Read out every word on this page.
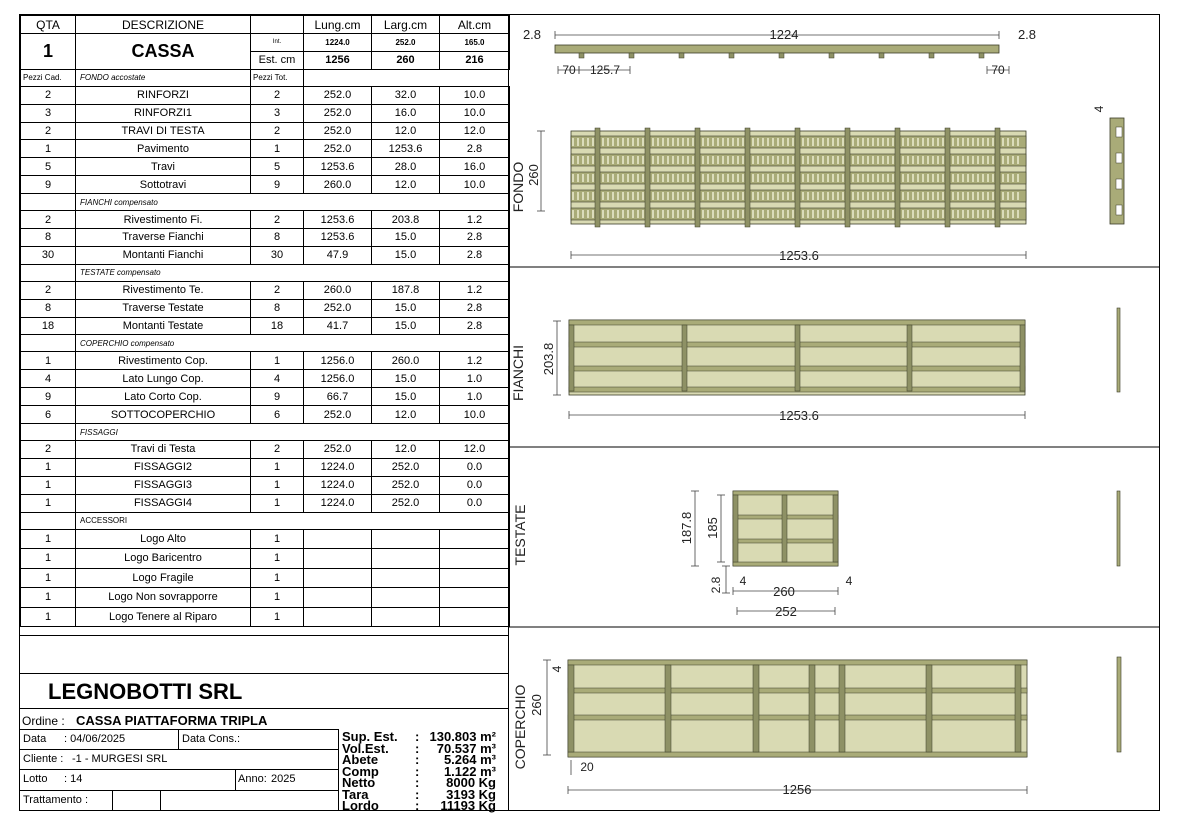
QTA	DESCRIZIONE		Lung.cm	Larg.cm	Alt.cm
1	CASSA	Int.	1224.0	252.0	165.0
		Est. cm	1256	260	216
Pezzi Cad.	FONDO accostate	Pezzi Tot.			
2	RINFORZI	2	252.0	32.0	10.0
3	RINFORZI1	3	252.0	16.0	10.0
2	TRAVI DI TESTA	2	252.0	12.0	12.0
1	Pavimento	1	252.0	1253.6	2.8
5	Travi	5	1253.6	28.0	16.0
9	Sottotravi	9	260.0	12.0	10.0
	FIANCHI compensato				
2	Rivestimento Fi.	2	1253.6	203.8	1.2
8	Traverse Fianchi	8	1253.6	15.0	2.8
30	Montanti Fianchi	30	47.9	15.0	2.8
	TESTATE compensato				
2	Rivestimento Te.	2	260.0	187.8	1.2
8	Traverse Testate	8	252.0	15.0	2.8
18	Montanti Testate	18	41.7	15.0	2.8
	COPERCHIO compensato				
1	Rivestimento Cop.	1	1256.0	260.0	1.2
4	Lato Lungo Cop.	4	1256.0	15.0	1.0
9	Lato Corto Cop.	9	66.7	15.0	1.0
6	SOTTOCOPERCHIO	6	252.0	12.0	10.0
	FISSAGGI				
2	Travi di Testa	2	252.0	12.0	12.0
1	FISSAGGI2	1	1224.0	252.0	0.0
1	FISSAGGI3	1	1224.0	252.0	0.0
1	FISSAGGI4	1	1224.0	252.0	0.0
	ACCESSORI				
1	Logo Alto	1			
1	Logo Baricentro	1			
1	Logo Fragile	1			
1	Logo Non sovrapporre	1			
1	Logo Tenere al Riparo	1			
LEGNOBOTTI SRL
Ordine : CASSA PIATTAFORMA TRIPLA
Data : 04/06/2025	Data Cons.:
Cliente : -1 - MURGESI SRL
Lotto : 14	Anno: 2025
Trattamento :
Sup. Est. : 130.803 m²
Vol.Est. : 70.537 m³
Abete	: 5.264 m³
Comp	: 1.122 m³
Netto	: 8000 Kg
Tara	: 3193 Kg
Lordo	: 11193 Kg
2.8	1224	2.8
70 125.7	70
FONDO 260
1253.6
4
FIANCHI 203.8
1253.6
TESTATE	187.8 185
2.8	260
252
4	4
COPERCHIO 260
4
20
1256
